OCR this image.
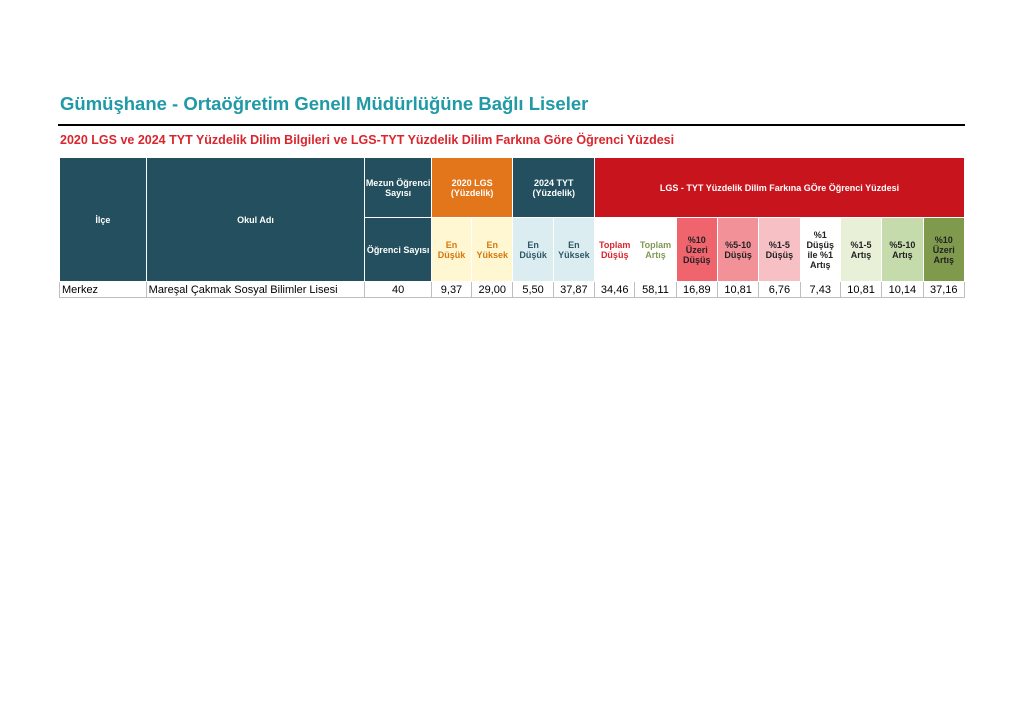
Gümüşhane - Ortaöğretim Genell Müdürlüğüne Bağlı Liseler
2020 LGS ve 2024 TYT Yüzdelik Dilim Bilgileri ve LGS-TYT Yüzdelik Dilim Farkına Göre Öğrenci Yüzdesi
İlçe	Okul Adı	Mezun Öğrenci Sayısı	2020 LGS (Yüzdelik)		2024 TYT (Yüzdelik)		LGS - TYT Yüzdelik Dilim Farkına GÖre Öğrenci Yüzdesi								
		Öğrenci Sayısı	En Düşük	En Yüksek	En Düşük	En Yüksek	Toplam Düşüş	Toplam Artış	%10 Üzeri Düşüş	%5-10 Düşüş	%1-5 Düşüş	%1 Düşüş ile %1 Artış	%1-5 Artış	%5-10 Artış	%10 Üzeri Artış
Merkez	Mareşal Çakmak Sosyal Bilimler Lisesi	40	9,37	29,00	5,50	37,87	34,46	58,11	16,89	10,81	6,76	7,43	10,81	10,14	37,16
